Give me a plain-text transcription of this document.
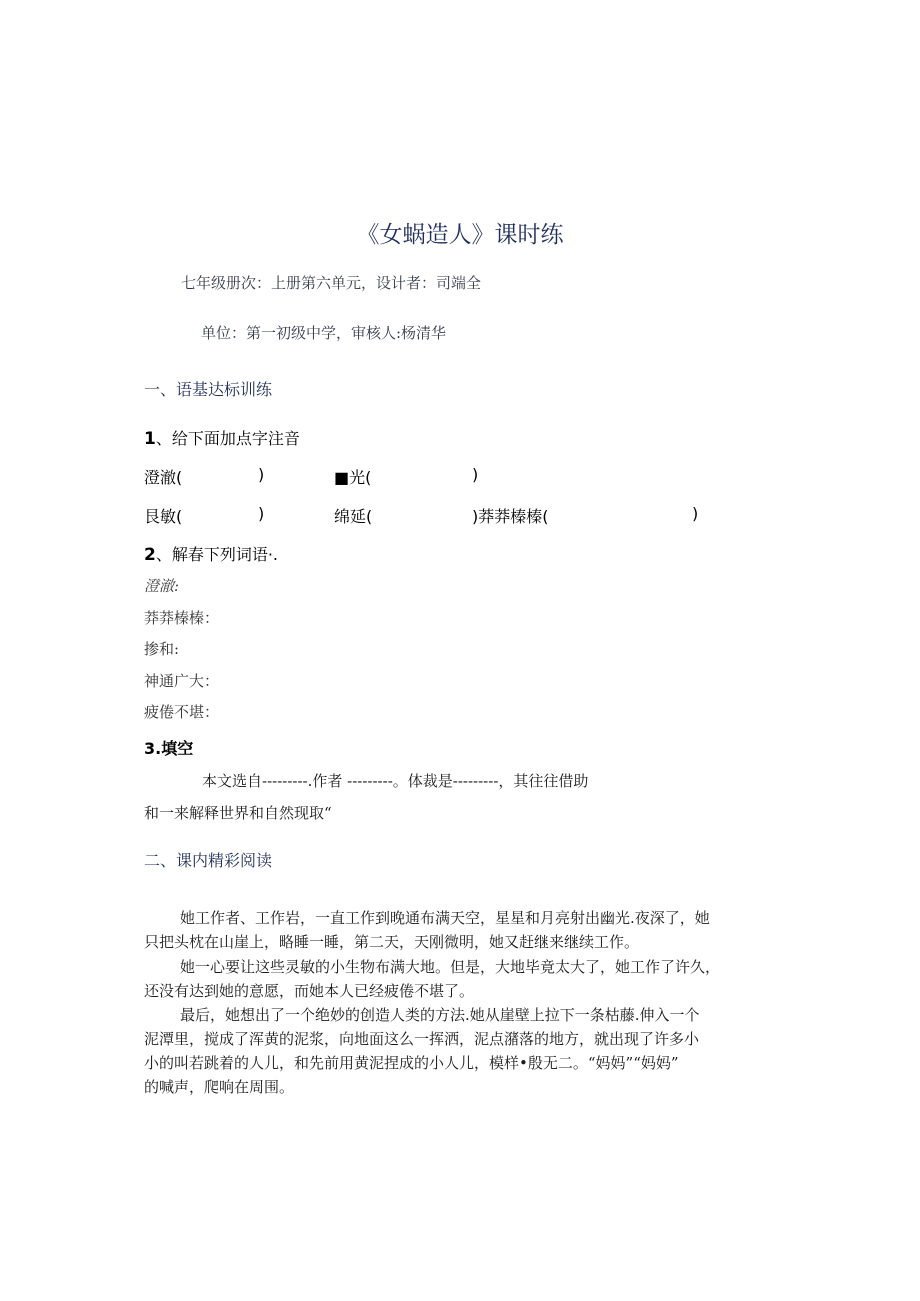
《女蜗造人》课时练
七年级册次：上册第六单元，设计者：司端全
单位：第一初级中学，审核人:杨清华
一、语基达标训练
1、给下面加点字注音
澄澈(	)	■光(	)
艮敏(	)	绵延(	)莽莽榛榛(	)
2、解春下列词语·.
澄澈:
莽莽榛榛：
掺和:
神通广大：
疲倦不堪：
3.填空
本文选自---------.作者 ---------。体裁是---------，其往往借助
和一来解释世界和自然现取“
二、课内精彩阅读
她工作者、工作岩，一直工作到晚通布满天空，星星和月亮射出幽光.夜深了，她
只把头枕在山崖上，略睡一睡，第二天，天刚微明，她又赶继来继续工作。
她一心要让这些灵敏的小生物布满大地。但是，大地毕竟太大了，她工作了许久，
还没有达到她的意愿，而她本人已经疲倦不堪了。
最后，她想出了一个绝妙的创造人类的方法.她从崖壁上拉下一条枯藤.伸入一个
泥潭里，搅成了浑黄的泥浆，向地面这么一挥洒，泥点潴落的地方，就出现了许多小
小的叫若跳着的人儿，和先前用黄泥捏成的小人儿，模样•殷无二。“妈妈”“妈妈”
的喊声，爬响在周围。
